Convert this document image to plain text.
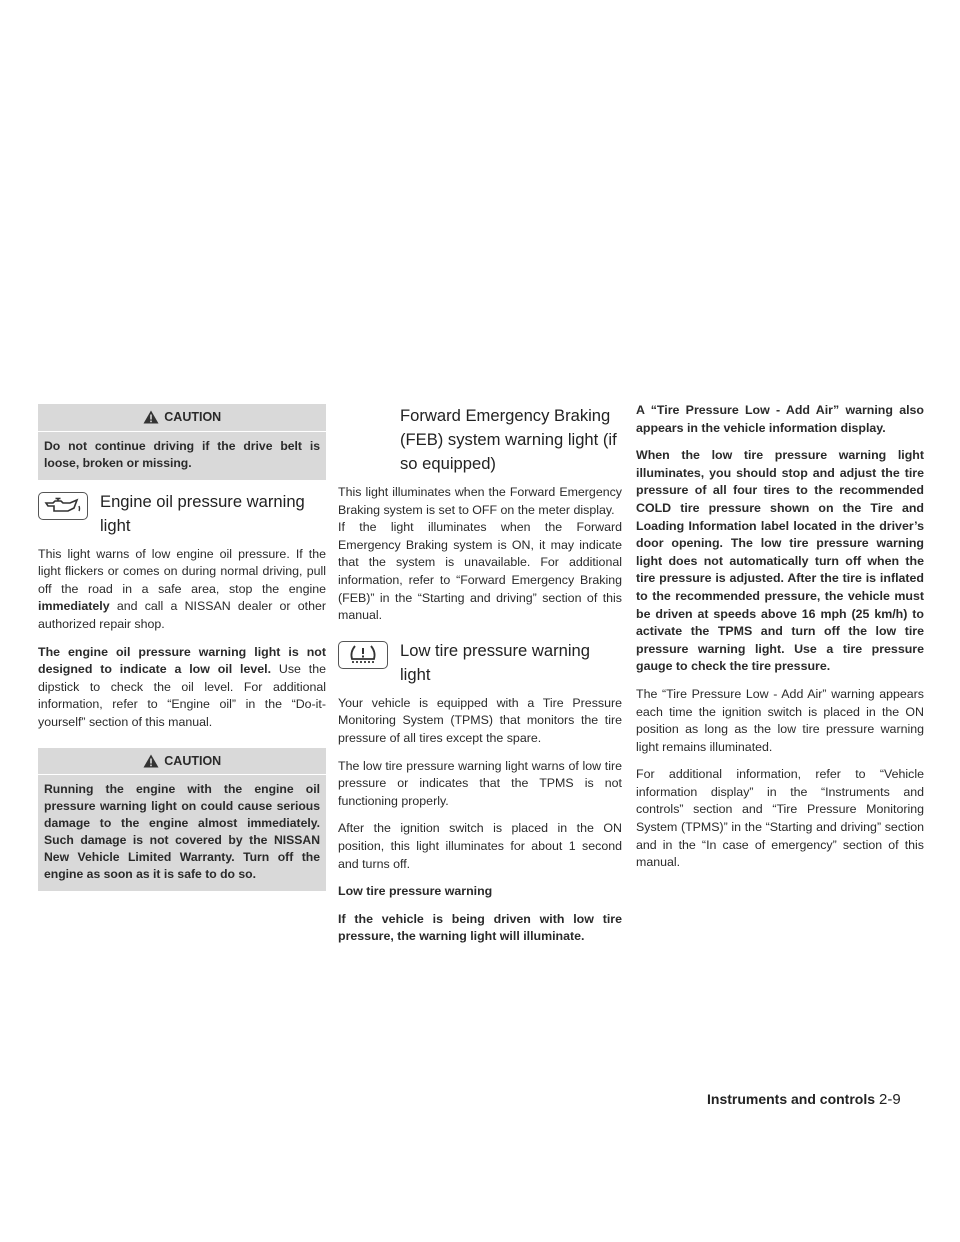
CAUTION
Do not continue driving if the drive belt is loose, broken or missing.
Engine oil pressure warning light

This light warns of low engine oil pressure. If the light flickers or comes on during normal driving, pull off the road in a safe area, stop the engine immediately and call a NISSAN dealer or other authorized repair shop.

The engine oil pressure warning light is not designed to indicate a low oil level. Use the dipstick to check the oil level. For additional information, refer to “Engine oil” in the “Do-it-yourself” section of this manual.

CAUTION
Running the engine with the engine oil pressure warning light on could cause serious damage to the engine almost immediately. Such damage is not covered by the NISSAN New Vehicle Limited Warranty. Turn off the engine as soon as it is safe to do so.
Forward Emergency Braking (FEB) system warning light (if so equipped)

This light illuminates when the Forward Emergency Braking system is set to OFF on the meter display.

If the light illuminates when the Forward Emergency Braking system is ON, it may indicate that the system is unavailable. For additional information, refer to “Forward Emergency Braking (FEB)” in the “Starting and driving” section of this manual.

Low tire pressure warning light

Your vehicle is equipped with a Tire Pressure Monitoring System (TPMS) that monitors the tire pressure of all tires except the spare.

The low tire pressure warning light warns of low tire pressure or indicates that the TPMS is not functioning properly.

After the ignition switch is placed in the ON position, this light illuminates for about 1 second and turns off.

Low tire pressure warning

If the vehicle is being driven with low tire pressure, the warning light will illuminate.

A “Tire Pressure Low - Add Air” warning also appears in the vehicle information display.

When the low tire pressure warning light illuminates, you should stop and adjust the tire pressure of all four tires to the recommended COLD tire pressure shown on the Tire and Loading Information label located in the driver’s door opening. The low tire pressure warning light does not automatically turn off when the tire pressure is adjusted. After the tire is inflated to the recommended pressure, the vehicle must be driven at speeds above 16 mph (25 km/h) to activate the TPMS and turn off the low tire pressure warning light. Use a tire pressure gauge to check the tire pressure.

The “Tire Pressure Low - Add Air” warning appears each time the ignition switch is placed in the ON position as long as the low tire pressure warning light remains illuminated.

For additional information, refer to “Vehicle information display” in the “Instruments and controls” section and “Tire Pressure Monitoring System (TPMS)” in the “Starting and driving” section and in the “In case of emergency” section of this manual.

Instruments and controls 2-9
